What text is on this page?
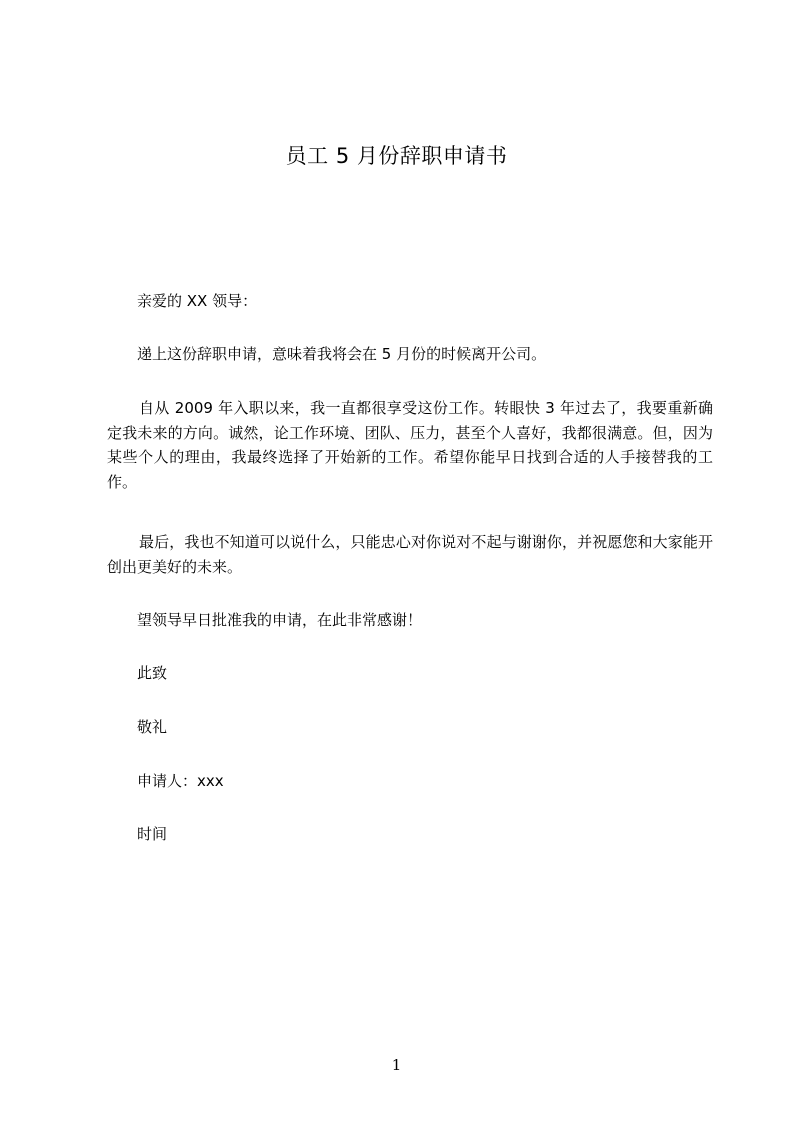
员工 5 月份辞职申请书

亲爱的 XX 领导：

递上这份辞职申请，意味着我将会在 5 月份的时候离开公司。

自从 2009 年入职以来，我一直都很享受这份工作。转眼快 3 年过去了，我要重新确定我未来的方向。诚然，论工作环境、团队、压力，甚至个人喜好，我都很满意。但，因为某些个人的理由，我最终选择了开始新的工作。希望你能早日找到合适的人手接替我的工作。

最后，我也不知道可以说什么，只能忠心对你说对不起与谢谢你，并祝愿您和大家能开创出更美好的未来。

望领导早日批准我的申请，在此非常感谢！

此致

敬礼

申请人：xxx

时间

1
